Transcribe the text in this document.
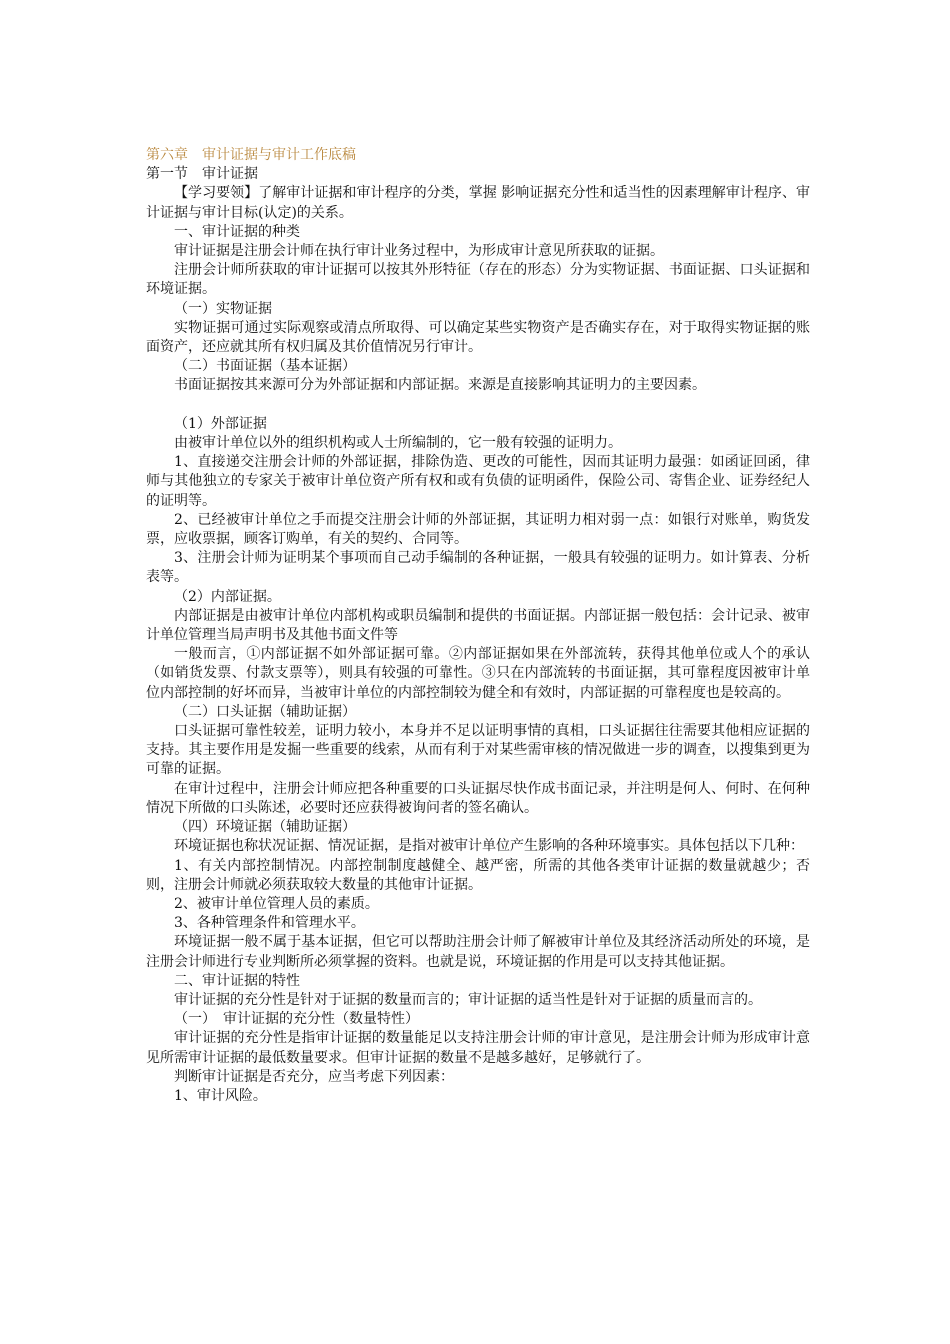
第六章　审计证据与审计工作底稿

第一节　审计证据

【学习要领】了解审计证据和审计程序的分类，掌握 影响证据充分性和适当性的因素理解审计程序、审计证据与审计目标(认定)的关系。

一、审计证据的种类

审计证据是注册会计师在执行审计业务过程中，为形成审计意见所获取的证据。

注册会计师所获取的审计证据可以按其外形特征（存在的形态）分为实物证据、书面证据、口头证据和环境证据。

（一）实物证据

实物证据可通过实际观察或清点所取得、可以确定某些实物资产是否确实存在，对于取得实物证据的账面资产，还应就其所有权归属及其价值情况另行审计。

（二）书面证据（基本证据）

书面证据按其来源可分为外部证据和内部证据。来源是直接影响其证明力的主要因素。

（1）外部证据

由被审计单位以外的组织机构或人士所编制的，它一般有较强的证明力。

1、直接递交注册会计师的外部证据，排除伪造、更改的可能性，因而其证明力最强：如函证回函，律师与其他独立的专家关于被审计单位资产所有权和或有负债的证明函件，保险公司、寄售企业、证券经纪人的证明等。

2、已经被审计单位之手而提交注册会计师的外部证据，其证明力相对弱一点：如银行对账单，购货发票，应收票据，顾客订购单，有关的契约、合同等。

3、注册会计师为证明某个事项而自己动手编制的各种证据，一般具有较强的证明力。如计算表、分析表等。

（2）内部证据。

内部证据是由被审计单位内部机构或职员编制和提供的书面证据。内部证据一般包括：会计记录、被审计单位管理当局声明书及其他书面文件等

一般而言，①内部证据不如外部证据可靠。②内部证据如果在外部流转，获得其他单位或人个的承认（如销货发票、付款支票等），则具有较强的可靠性。③只在内部流转的书面证据，其可靠程度因被审计单位内部控制的好坏而异，当被审计单位的内部控制较为健全和有效时，内部证据的可靠程度也是较高的。

（二）口头证据（辅助证据）

口头证据可靠性较差，证明力较小，本身并不足以证明事情的真相，口头证据往往需要其他相应证据的支持。其主要作用是发掘一些重要的线索，从而有利于对某些需审核的情况做进一步的调查，以搜集到更为可靠的证据。

在审计过程中，注册会计师应把各种重要的口头证据尽快作成书面记录，并注明是何人、何时、在何种情况下所做的口头陈述，必要时还应获得被询问者的签名确认。

（四）环境证据（辅助证据）

环境证据也称状况证据、情况证据，是指对被审计单位产生影响的各种环境事实。具体包括以下几种：

1、有关内部控制情况。内部控制制度越健全、越严密，所需的其他各类审计证据的数量就越少；否则，注册会计师就必须获取较大数量的其他审计证据。

2、被审计单位管理人员的素质。

3、各种管理条件和管理水平。

环境证据一般不属于基本证据，但它可以帮助注册会计师了解被审计单位及其经济活动所处的环境，是注册会计师进行专业判断所必须掌握的资料。也就是说，环境证据的作用是可以支持其他证据。

二、审计证据的特性

审计证据的充分性是针对于证据的数量而言的；审计证据的适当性是针对于证据的质量而言的。

（一）　审计证据的充分性（数量特性）

审计证据的充分性是指审计证据的数量能足以支持注册会计师的审计意见，是注册会计师为形成审计意见所需审计证据的最低数量要求。但审计证据的数量不是越多越好，足够就行了。

判断审计证据是否充分，应当考虑下列因素：

1、审计风险。
